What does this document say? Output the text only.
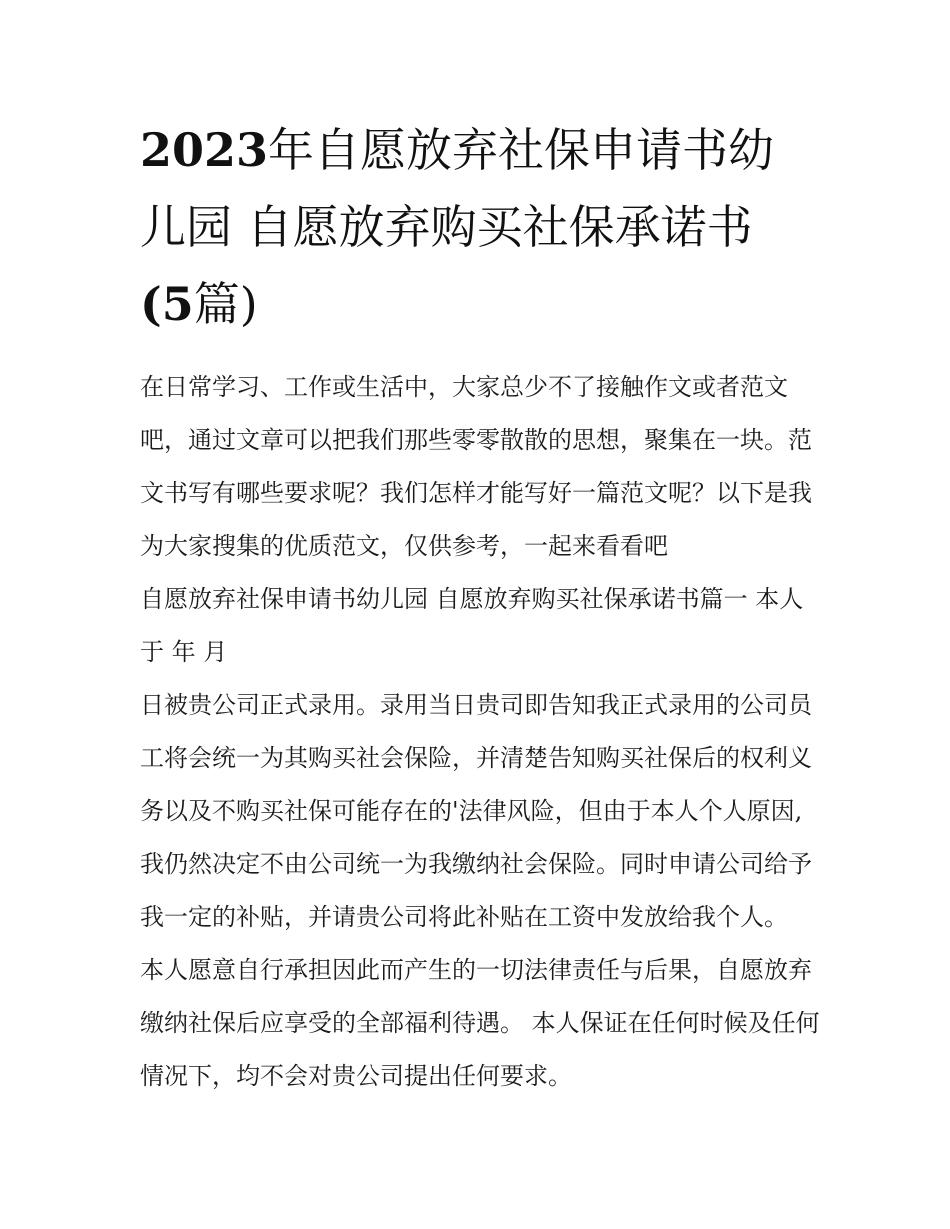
2023年自愿放弃社保申请书幼儿园 自愿放弃购买社保承诺书
(5篇)

在日常学习、工作或生活中，大家总少不了接触作文或者范文吧，通过文章可以把我们那些零零散散的思想，聚集在一块。范文书写有哪些要求呢？我们怎样才能写好一篇范文呢？以下是我为大家搜集的优质范文，仅供参考，一起来看看吧

自愿放弃社保申请书幼儿园 自愿放弃购买社保承诺书篇一 本人于 年 月

日被贵公司正式录用。录用当日贵司即告知我正式录用的公司员工将会统一为其购买社会保险，并清楚告知购买社保后的权利义务以及不购买社保可能存在的'法律风险，但由于本人个人原因,我仍然决定不由公司统一为我缴纳社会保险。同时申请公司给予我一定的补贴，并请贵公司将此补贴在工资中发放给我个人。

本人愿意自行承担因此而产生的一切法律责任与后果，自愿放弃缴纳社保后应享受的全部福利待遇。 本人保证在任何时候及任何情况下，均不会对贵公司提出任何要求。
